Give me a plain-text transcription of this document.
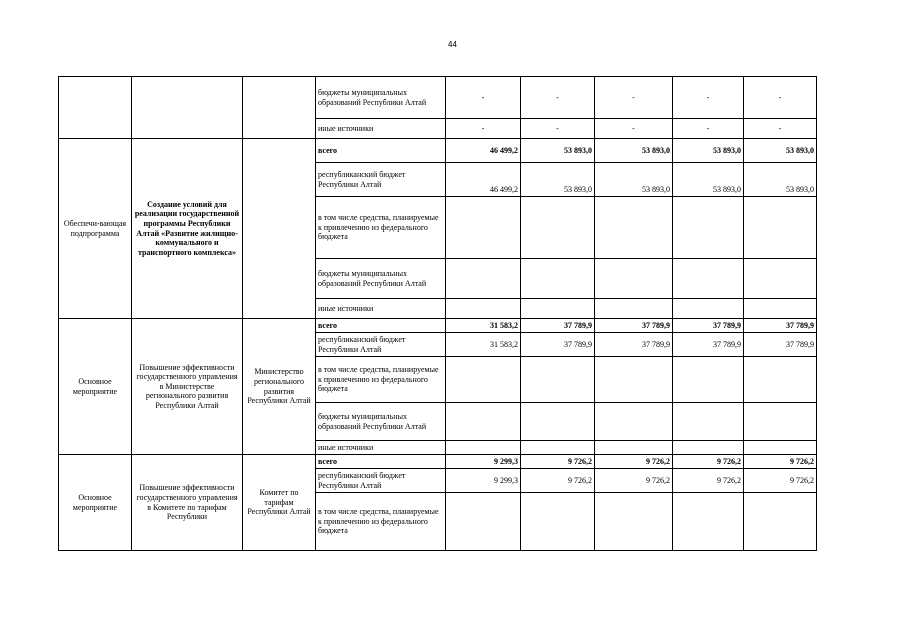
44
			бюджеты муниципальных образований Республики Алтай	-	-	-	-	-
			иные источники	-	-	-	-	-
Обеспечи-вающая подпрограмма	Создание условий для реализации государственной программы Республики Алтай «Развитие жилищно-коммунального и транспортного комплекса»		всего	46 499,2	53 893,0	53 893,0	53 893,0	53 893,0
			республиканский бюджет Республики Алтай	46 499,2	53 893,0	53 893,0	53 893,0	53 893,0
			в том числе средства, планируемые к привлечению из федерального бюджета					
			бюджеты муниципальных образований Республики Алтай					
			иные источники					
Основное мероприятие	Повышение эффективности государственного управления в Министерстве регионального развития Республики Алтай	Министерство регионального развития Республики Алтай	всего	31 583,2	37 789,9	37 789,9	37 789,9	37 789,9
			республиканский бюджет Республики Алтай	31 583,2	37 789,9	37 789,9	37 789,9	37 789,9
			в том числе средства, планируемые к привлечению из федерального бюджета					
			бюджеты муниципальных образований Республики Алтай					
			иные источники					
Основное мероприятие	Повышение эффективности государственного управления в Комитете по тарифам Республики	Комитет по тарифам Республики Алтай	всего	9 299,3	9 726,2	9 726,2	9 726,2	9 726,2
			республиканский бюджет Республики Алтай	9 299,3	9 726,2	9 726,2	9 726,2	9 726,2
			в том числе средства, планируемые к привлечению из федерального бюджета					
